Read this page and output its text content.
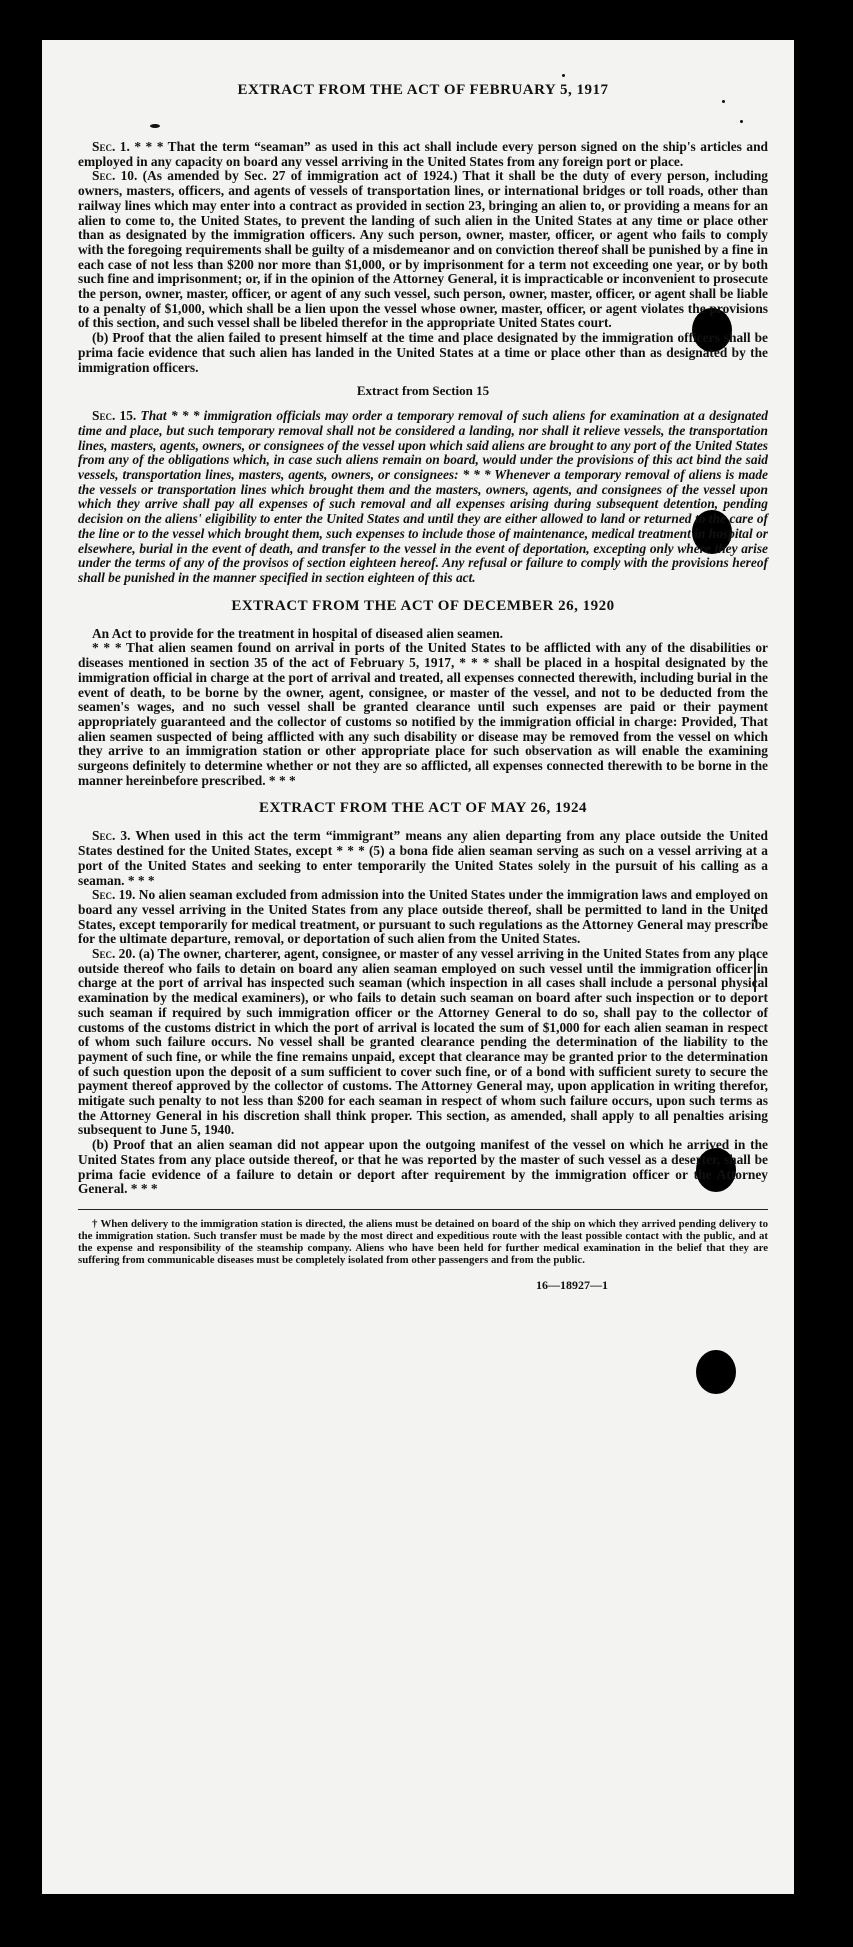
EXTRACT FROM THE ACT OF FEBRUARY 5, 1917

Sec. 1. * * * That the term “seaman” as used in this act shall include every person signed on the ship's articles and employed in any capacity on board any vessel arriving in the United States from any foreign port or place.

Sec. 10. (As amended by Sec. 27 of immigration act of 1924.) That it shall be the duty of every person, including owners, masters, officers, and agents of vessels of transportation lines, or international bridges or toll roads, other than railway lines which may enter into a contract as provided in section 23, bringing an alien to, or providing a means for an alien to come to, the United States, to prevent the landing of such alien in the United States at any time or place other than as designated by the immigration officers. Any such person, owner, master, officer, or agent who fails to comply with the foregoing requirements shall be guilty of a misdemeanor and on conviction thereof shall be punished by a fine in each case of not less than $200 nor more than $1,000, or by imprisonment for a term not exceeding one year, or by both such fine and imprisonment; or, if in the opinion of the Attorney General, it is impracticable or inconvenient to prosecute the person, owner, master, officer, or agent of any such vessel, such person, owner, master, officer, or agent shall be liable to a penalty of $1,000, which shall be a lien upon the vessel whose owner, master, officer, or agent violates the provisions of this section, and such vessel shall be libeled therefor in the appropriate United States court.

(b) Proof that the alien failed to present himself at the time and place designated by the immigration officers shall be prima facie evidence that such alien has landed in the United States at a time or place other than as designated by the immigration officers.

Extract from Section 15

Sec. 15. That * * * immigration officials may order a temporary removal of such aliens for examination at a designated time and place, but such temporary removal shall not be considered a landing, nor shall it relieve vessels, the transportation lines, masters, agents, owners, or consignees of the vessel upon which said aliens are brought to any port of the United States from any of the obligations which, in case such aliens remain on board, would under the provisions of this act bind the said vessels, transportation lines, masters, agents, owners, or consignees: * * * Whenever a temporary removal of aliens is made the vessels or transportation lines which brought them and the masters, owners, agents, and consignees of the vessel upon which they arrive shall pay all expenses of such removal and all expenses arising during subsequent detention, pending decision on the aliens' eligibility to enter the United States and until they are either allowed to land or returned to the care of the line or to the vessel which brought them, such expenses to include those of maintenance, medical treatment in hospital or elsewhere, burial in the event of death, and transfer to the vessel in the event of deportation, excepting only where they arise under the terms of any of the provisos of section eighteen hereof. Any refusal or failure to comply with the provisions hereof shall be punished in the manner specified in section eighteen of this act.

EXTRACT FROM THE ACT OF DECEMBER 26, 1920

An Act to provide for the treatment in hospital of diseased alien seamen.

* * * That alien seamen found on arrival in ports of the United States to be afflicted with any of the disabilities or diseases mentioned in section 35 of the act of February 5, 1917, * * * shall be placed in a hospital designated by the immigration official in charge at the port of arrival and treated, all expenses connected therewith, including burial in the event of death, to be borne by the owner, agent, consignee, or master of the vessel, and not to be deducted from the seamen's wages, and no such vessel shall be granted clearance until such expenses are paid or their payment appropriately guaranteed and the collector of customs so notified by the immigration official in charge: Provided, That alien seamen suspected of being afflicted with any such disability or disease may be removed from the vessel on which they arrive to an immigration station or other appropriate place for such observation as will enable the examining surgeons definitely to determine whether or not they are so afflicted, all expenses connected therewith to be borne in the manner hereinbefore prescribed. * * *

EXTRACT FROM THE ACT OF MAY 26, 1924

Sec. 3. When used in this act the term “immigrant” means any alien departing from any place outside the United States destined for the United States, except * * * (5) a bona fide alien seaman serving as such on a vessel arriving at a port of the United States and seeking to enter temporarily the United States solely in the pursuit of his calling as a seaman. * * *

Sec. 19. No alien seaman excluded from admission into the United States under the immigration laws and employed on board any vessel arriving in the United States from any place outside thereof, shall be permitted to land in the United States, except temporarily for medical treatment, or pursuant to such regulations as the Attorney General may prescribe for the ultimate departure, removal, or deportation of such alien from the United States.

Sec. 20. (a) The owner, charterer, agent, consignee, or master of any vessel arriving in the United States from any place outside thereof who fails to detain on board any alien seaman employed on such vessel until the immigration officer in charge at the port of arrival has inspected such seaman (which inspection in all cases shall include a personal physical examination by the medical examiners), or who fails to detain such seaman on board after such inspection or to deport such seaman if required by such immigration officer or the Attorney General to do so, shall pay to the collector of customs of the customs district in which the port of arrival is located the sum of $1,000 for each alien seaman in respect of whom such failure occurs. No vessel shall be granted clearance pending the determination of the liability to the payment of such fine, or while the fine remains unpaid, except that clearance may be granted prior to the determination of such question upon the deposit of a sum sufficient to cover such fine, or of a bond with sufficient surety to secure the payment thereof approved by the collector of customs. The Attorney General may, upon application in writing therefor, mitigate such penalty to not less than $200 for each seaman in respect of whom such failure occurs, upon such terms as the Attorney General in his discretion shall think proper. This section, as amended, shall apply to all penalties arising subsequent to June 5, 1940.

(b) Proof that an alien seaman did not appear upon the outgoing manifest of the vessel on which he arrived in the United States from any place outside thereof, or that he was reported by the master of such vessel as a deserter, shall be prima facie evidence of a failure to detain or deport after requirement by the immigration officer or the Attorney General. * * *

† When delivery to the immigration station is directed, the aliens must be detained on board of the ship on which they arrived pending delivery to the immigration station. Such transfer must be made by the most direct and expeditious route with the least possible contact with the public, and at the expense and responsibility of the steamship company. Aliens who have been held for further medical examination in the belief that they are suffering from communicable diseases must be completely isolated from other passengers and from the public.

16—18927—1
